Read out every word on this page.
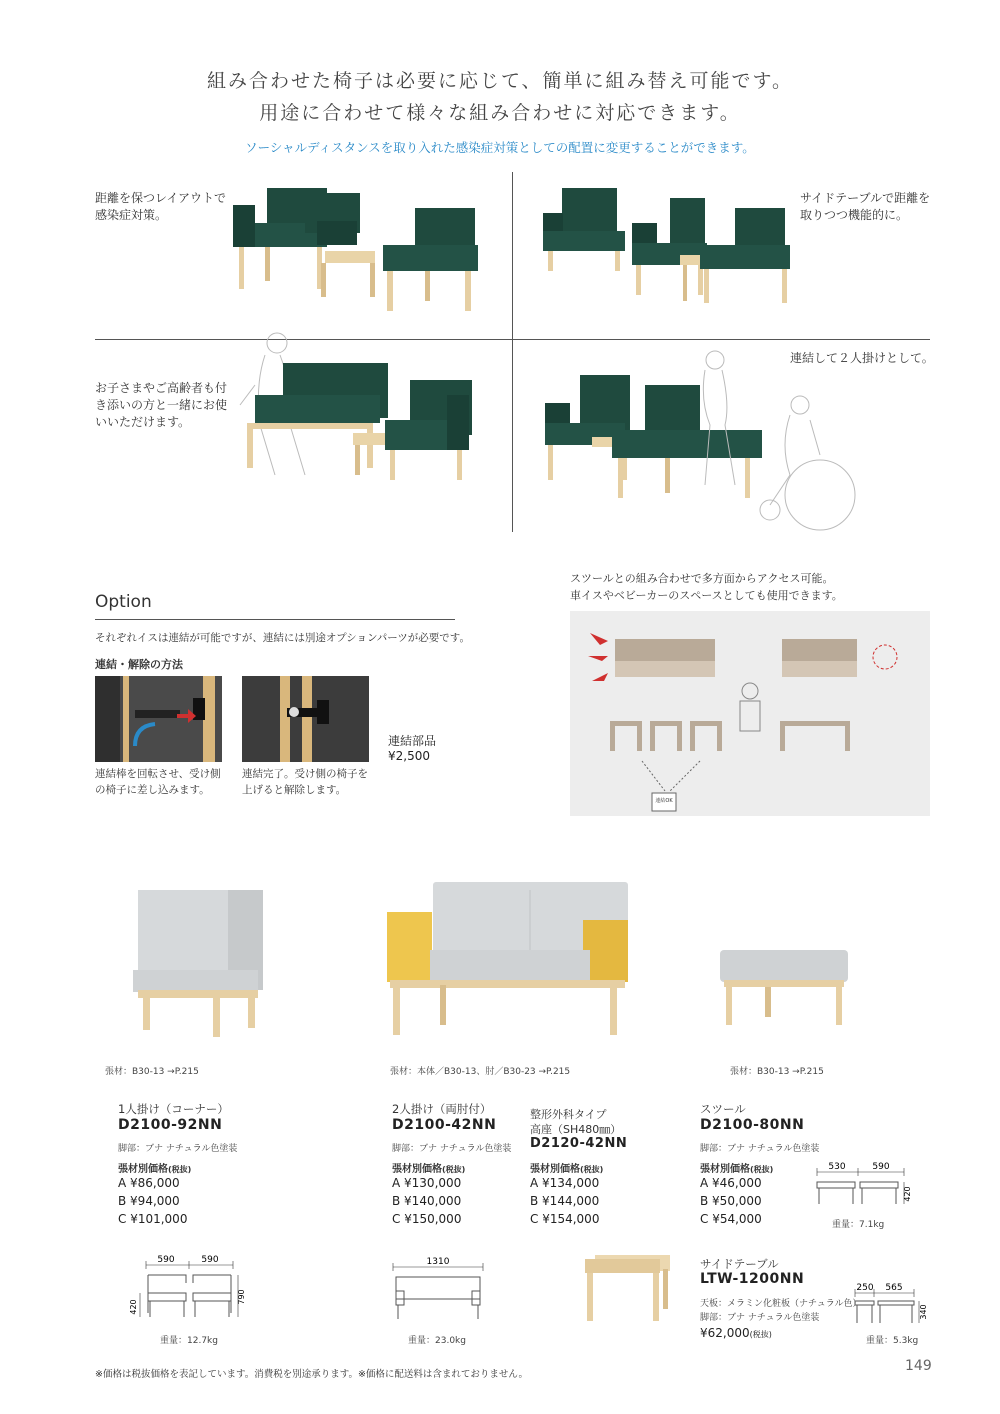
組み合わせた椅子は必要に応じて、簡単に組み替え可能です。
用途に合わせて様々な組み合わせに対応できます。
ソーシャルディスタンスを取り入れた感染症対策としての配置に変更することができます。
距離を保つレイアウトで
感染症対策。
サイドテーブルで距離を
取りつつ機能的に。
お子さまやご高齢者も付
き添いの方と一緒にお使
いいただけます。
連結して２人掛けとして。
Option
それぞれイスは連結が可能ですが、連結には別途オプションパーツが必要です。
連結・解除の方法
連結棒を回転させ、受け側
の椅子に差し込みます。
連結完了。受け側の椅子を
上げると解除します。
連結部品
¥2,500
スツールとの組み合わせで多方面からアクセス可能。
車イスやベビーカーのスペースとしても使用できます。
連結OK
張材：B30-13 →P.215
1人掛け（コーナー）
D2100-92NN
脚部：ブナ ナチュラル色塗装
張材別価格(税抜)
A ¥86,000
B ¥94,000
C ¥101,000
張材：本体／B30-13、肘／B30-23 →P.215
2人掛け（両肘付）
D2100-42NN
脚部：ブナ ナチュラル色塗装
張材別価格(税抜)
A ¥130,000
B ¥140,000
C ¥150,000
整形外科タイプ
高座（SH480㎜）
D2120-42NN
張材別価格(税抜)
A ¥134,000
B ¥144,000
C ¥154,000
張材：B30-13 →P.215
スツール
D2100-80NN
脚部：ブナ ナチュラル色塗装
張材別価格(税抜)
A ¥46,000
B ¥50,000
C ¥54,000
530	590
420
重量：7.1kg
590	590
420
790
重量：12.7kg
1310
重量：23.0kg
サイドテーブル
LTW-1200NN
天板：メラミン化粧板（ナチュラル色）
脚部：ブナ ナチュラル色塗装
¥62,000(税抜)
250 565
340
重量：5.3kg
※価格は税抜価格を表記しています。消費税を別途承ります。※価格に配送料は含まれておりません。
149
